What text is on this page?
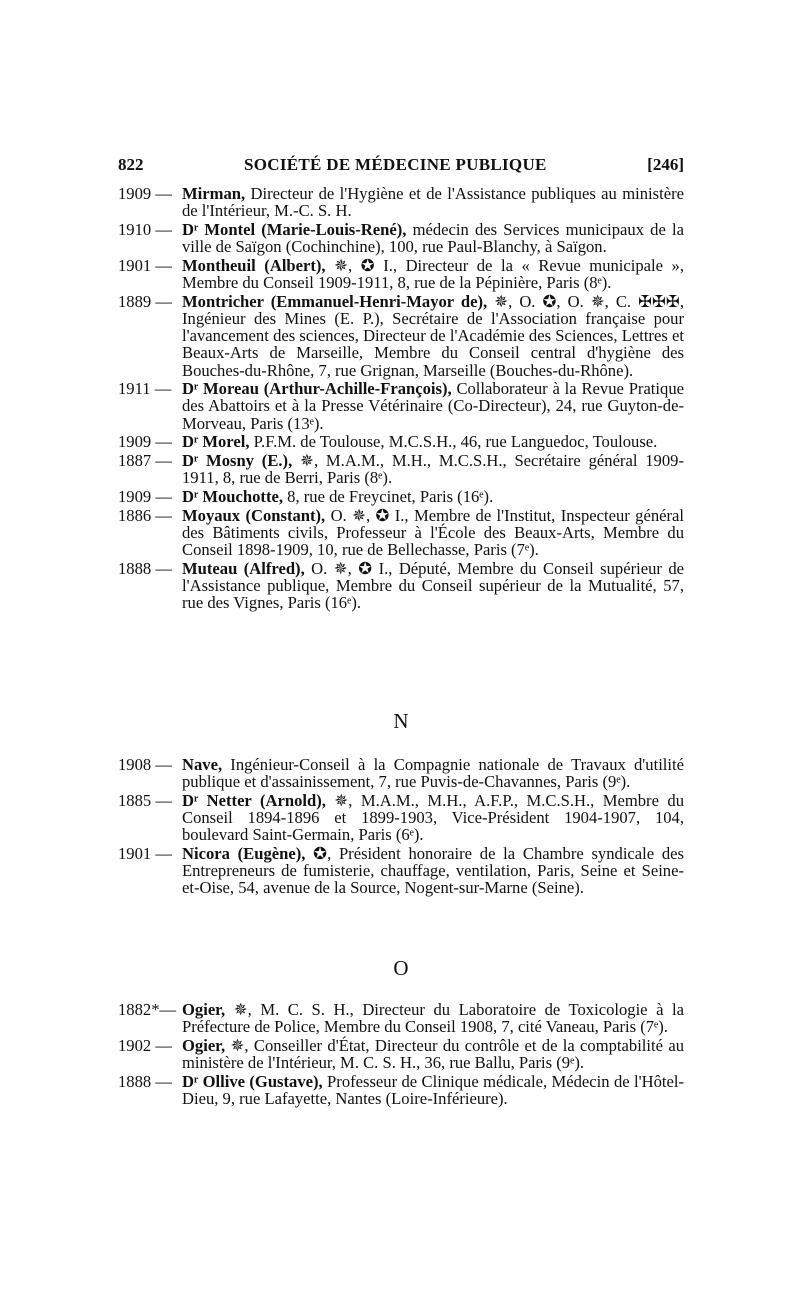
822	SOCIÉTÉ DE MÉDECINE PUBLIQUE	[246]
1909 — Mirman, Directeur de l'Hygiène et de l'Assistance publiques au ministère de l'Intérieur, M.-C. S. H.
1910 — Dʳ Montel (Marie-Louis-René), médecin des Services municipaux de la ville de Saïgon (Cochinchine), 100, rue Paul-Blanchy, à Saïgon.
1901 — Montheuil (Albert), ✵, ✪ I., Directeur de la « Revue municipale », Membre du Conseil 1909-1911, 8, rue de la Pépinière, Paris (8ᵉ).
1889 — Montricher (Emmanuel-Henri-Mayor de), ✵, O. ✪, O. ✵, C. ✠✠✠, Ingénieur des Mines (E. P.), Secrétaire de l'Association française pour l'avancement des sciences, Directeur de l'Académie des Sciences, Lettres et Beaux-Arts de Marseille, Membre du Conseil central d'hygiène des Bouches-du-Rhône, 7, rue Grignan, Marseille (Bouches-du-Rhône).
1911 — Dʳ Moreau (Arthur-Achille-François), Collaborateur à la Revue Pratique des Abattoirs et à la Presse Vétérinaire (Co-Directeur), 24, rue Guyton-de-Morveau, Paris (13ᵉ).
1909 — Dʳ Morel, P.F.M. de Toulouse, M.C.S.H., 46, rue Languedoc, Toulouse.
1887 — Dʳ Mosny (E.), ✵, M.A.M., M.H., M.C.S.H., Secrétaire général 1909-1911, 8, rue de Berri, Paris (8ᵉ).
1909 — Dʳ Mouchotte, 8, rue de Freycinet, Paris (16ᵉ).
1886 — Moyaux (Constant), O. ✵, ✪ I., Membre de l'Institut, Inspecteur général des Bâtiments civils, Professeur à l'École des Beaux-Arts, Membre du Conseil 1898-1909, 10, rue de Bellechasse, Paris (7ᵉ).
1888 — Muteau (Alfred), O. ✵, ✪ I., Député, Membre du Conseil supérieur de l'Assistance publique, Membre du Conseil supérieur de la Mutualité, 57, rue des Vignes, Paris (16ᵉ).
N
1908 — Nave, Ingénieur-Conseil à la Compagnie nationale de Travaux d'utilité publique et d'assainissement, 7, rue Puvis-de-Chavannes, Paris (9ᵉ).
1885 — Dʳ Netter (Arnold), ✵, M.A.M., M.H., A.F.P., M.C.S.H., Membre du Conseil 1894-1896 et 1899-1903, Vice-Président 1904-1907, 104, boulevard Saint-Germain, Paris (6ᵉ).
1901 — Nicora (Eugène), ✪, Président honoraire de la Chambre syndicale des Entrepreneurs de fumisterie, chauffage, ventilation, Paris, Seine et Seine-et-Oise, 54, avenue de la Source, Nogent-sur-Marne (Seine).
O
1882*— Ogier, ✵, M. C. S. H., Directeur du Laboratoire de Toxicologie à la Préfecture de Police, Membre du Conseil 1908, 7, cité Vaneau, Paris (7ᵉ).
1902 — Ogier, ✵, Conseiller d'État, Directeur du contrôle et de la comptabilité au ministère de l'Intérieur, M. C. S. H., 36, rue Ballu, Paris (9ᵉ).
1888 — Dʳ Ollive (Gustave), Professeur de Clinique médicale, Médecin de l'Hôtel-Dieu, 9, rue Lafayette, Nantes (Loire-Inférieure).
